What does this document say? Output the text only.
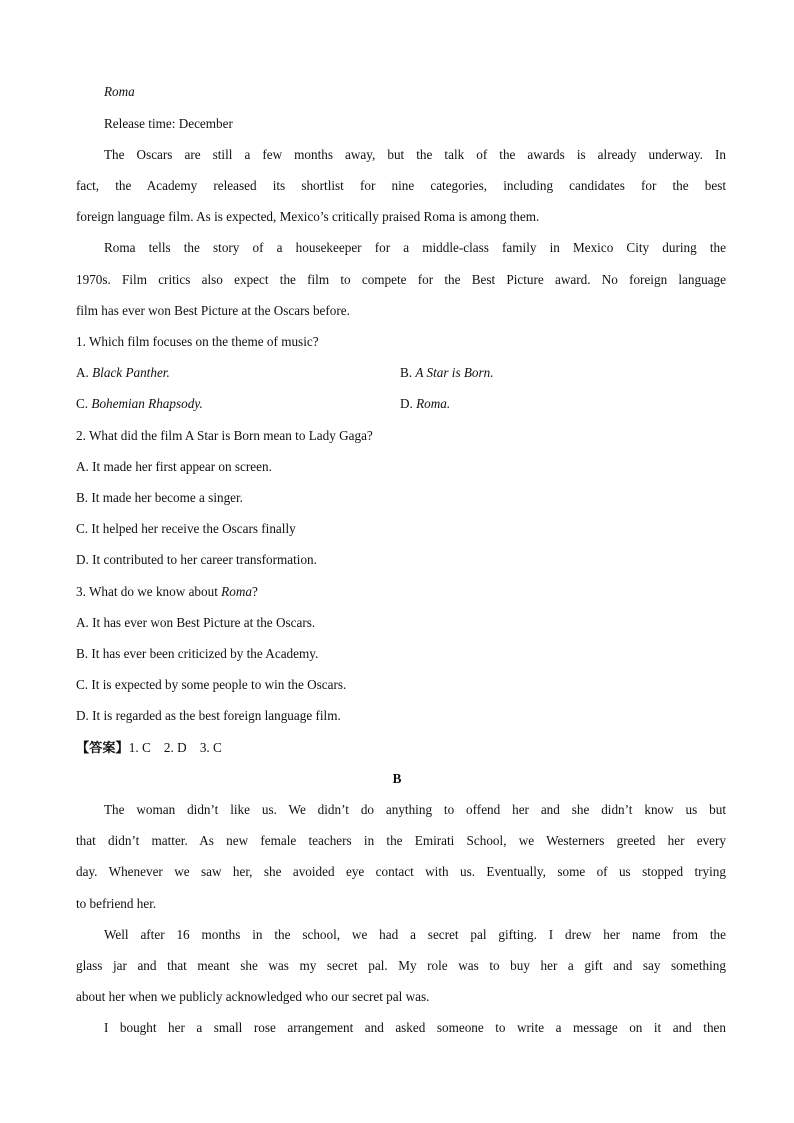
Roma
Release time: December
The Oscars are still a few months away, but the talk of the awards is already underway. In
fact, the Academy released its shortlist for nine categories, including candidates for the best
foreign language film. As is expected, Mexico’s critically praised Roma is among them.
Roma tells the story of a housekeeper for a middle-class family in Mexico City during the
1970s. Film critics also expect the film to compete for the Best Picture award. No foreign language
film has ever won Best Picture at the Oscars before.
1. Which film focuses on the theme of music?
A. Black Panther.	B. A Star is Born.
C. Bohemian Rhapsody.	D. Roma.
2. What did the film A Star is Born mean to Lady Gaga?
A. It made her first appear on screen.
B. It made her become a singer.
C. It helped her receive the Oscars finally
D. It contributed to her career transformation.
3. What do we know about Roma?
A. It has ever won Best Picture at the Oscars.
B. It has ever been criticized by the Academy.
C. It is expected by some people to win the Oscars.
D. It is regarded as the best foreign language film.
【答案】1. C    2. D    3. C
B
The woman didn’t like us. We didn’t do anything to offend her and she didn’t know us but
that didn’t matter. As new female teachers in the Emirati School, we Westerners greeted her every
day. Whenever we saw her, she avoided eye contact with us. Eventually, some of us stopped trying
to befriend her.
Well after 16 months in the school, we had a secret pal gifting. I drew her name from the
glass jar and that meant she was my secret pal. My role was to buy her a gift and say something
about her when we publicly acknowledged who our secret pal was.
I bought her a small rose arrangement and asked someone to write a message on it and then
